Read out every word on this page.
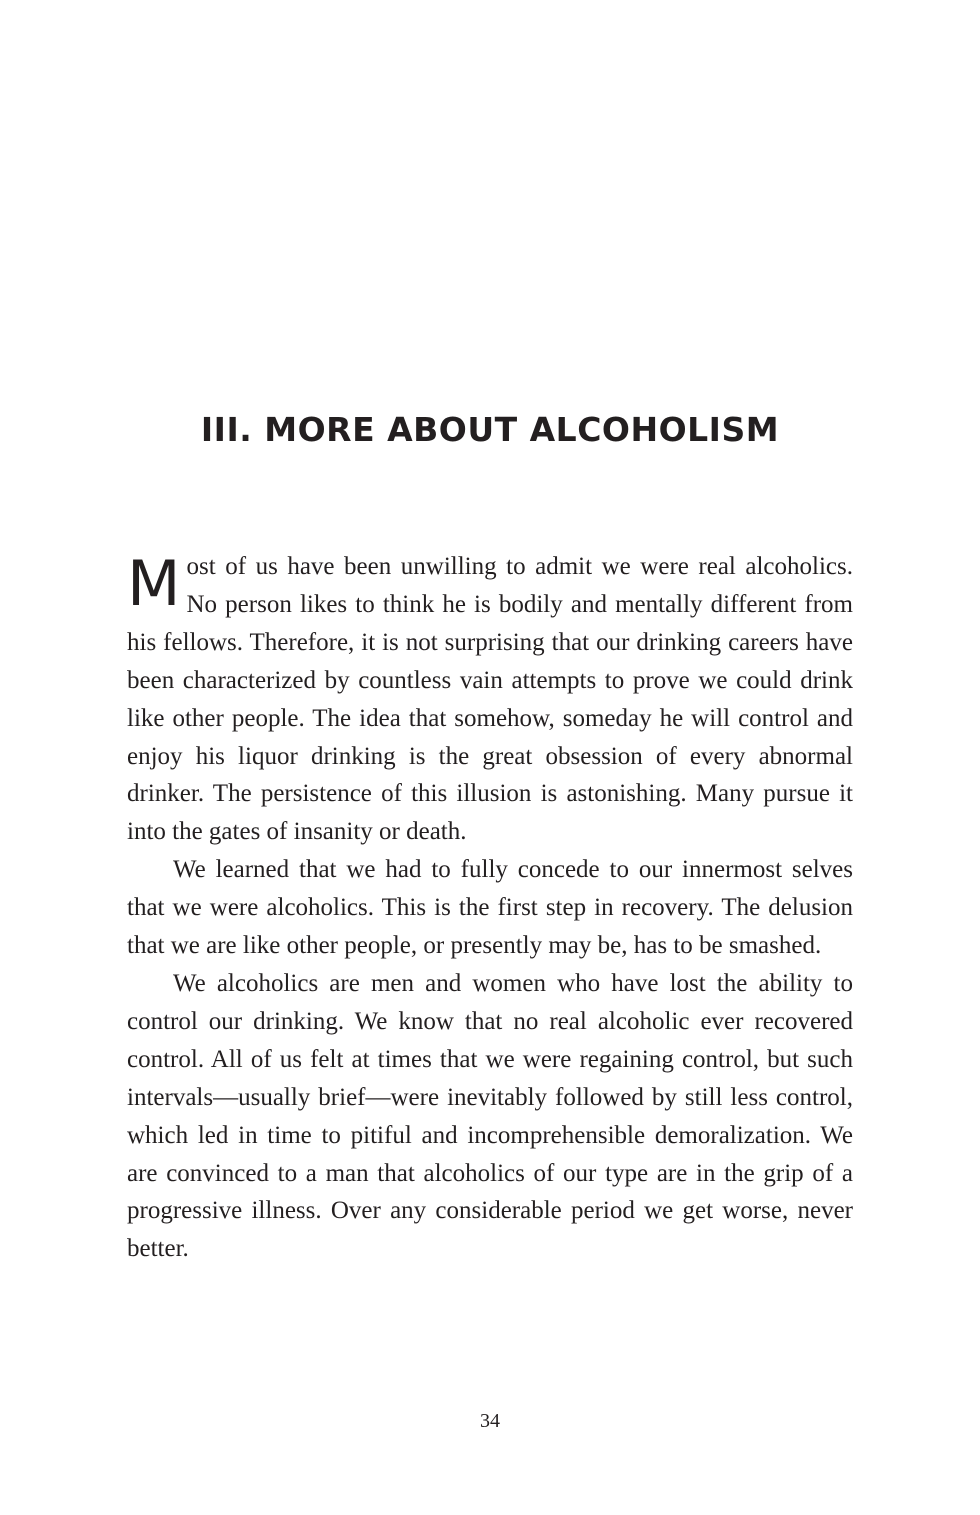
III. MORE ABOUT ALCOHOLISM

Most of us have been unwilling to admit we were real alcoholics. No person likes to think he is bodily and mentally different from his fellows. Therefore, it is not surprising that our drinking careers have been characterized by countless vain attempts to prove we could drink like other people. The idea that somehow, someday he will control and enjoy his liquor drinking is the great obsession of every abnormal drinker. The persistence of this illusion is astonishing. Many pursue it into the gates of insanity or death.

We learned that we had to fully concede to our innermost selves that we were alcoholics. This is the first step in recovery. The delusion that we are like other people, or presently may be, has to be smashed.

We alcoholics are men and women who have lost the ability to control our drinking. We know that no real alcoholic ever recovered control. All of us felt at times that we were regaining control, but such intervals—usually brief—were inevitably followed by still less control, which led in time to pitiful and incomprehensible demoralization. We are convinced to a man that alcoholics of our type are in the grip of a progressive illness. Over any considerable period we get worse, never better.

34
